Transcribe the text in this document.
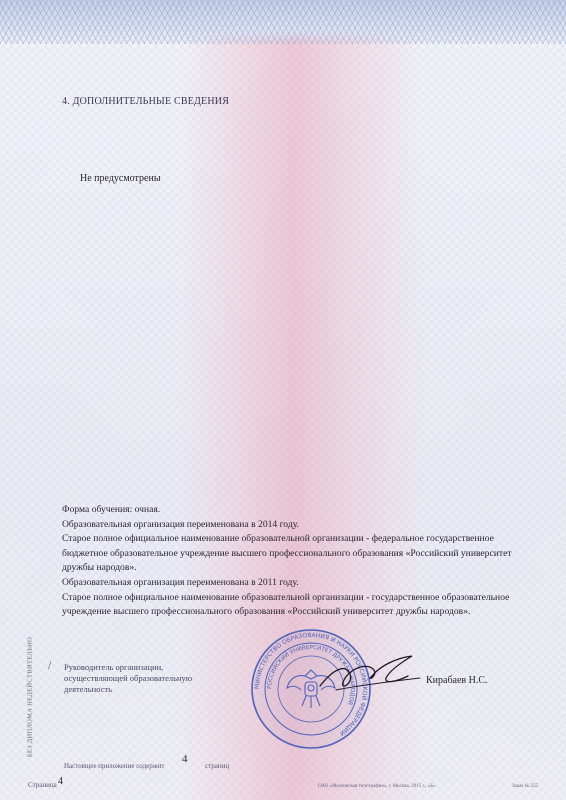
4. ДОПОЛНИТЕЛЬНЫЕ СВЕДЕНИЯ
Не предусмотрены

Форма обучения: очная.

Образовательная организация переименована в 2014 году.

Старое полное официальное наименование образовательной организации - федеральное государственное бюджетное образовательное учреждение высшего профессионального образования «Российский университет дружбы народов».

Образовательная организация переименована в 2011 году.

Старое полное официальное наименование образовательной организации - государственное образовательное учреждение высшего профессионального образования «Российский университет дружбы народов».

БЕЗ ДИПЛОМА НЕДЕЙСТВИТЕЛЬНО / Руководитель организации,
осуществляющей образовательную
деятельность	МИНИСТЕРСТВО ОБРАЗОВАНИЯ И НАУКИ РОССИЙСКОЙ ФЕДЕРАЦИИ
РОССИЙСКИЙ УНИВЕРСИТЕТ ДРУЖБЫ НАРОДОВ
Кирабаев Н.С.
Настоящее приложение содержит
4
страниц
Страница 4	ОАО «Московская типография», г. Москва, 2015 г., «Б»	Заказ № 255
